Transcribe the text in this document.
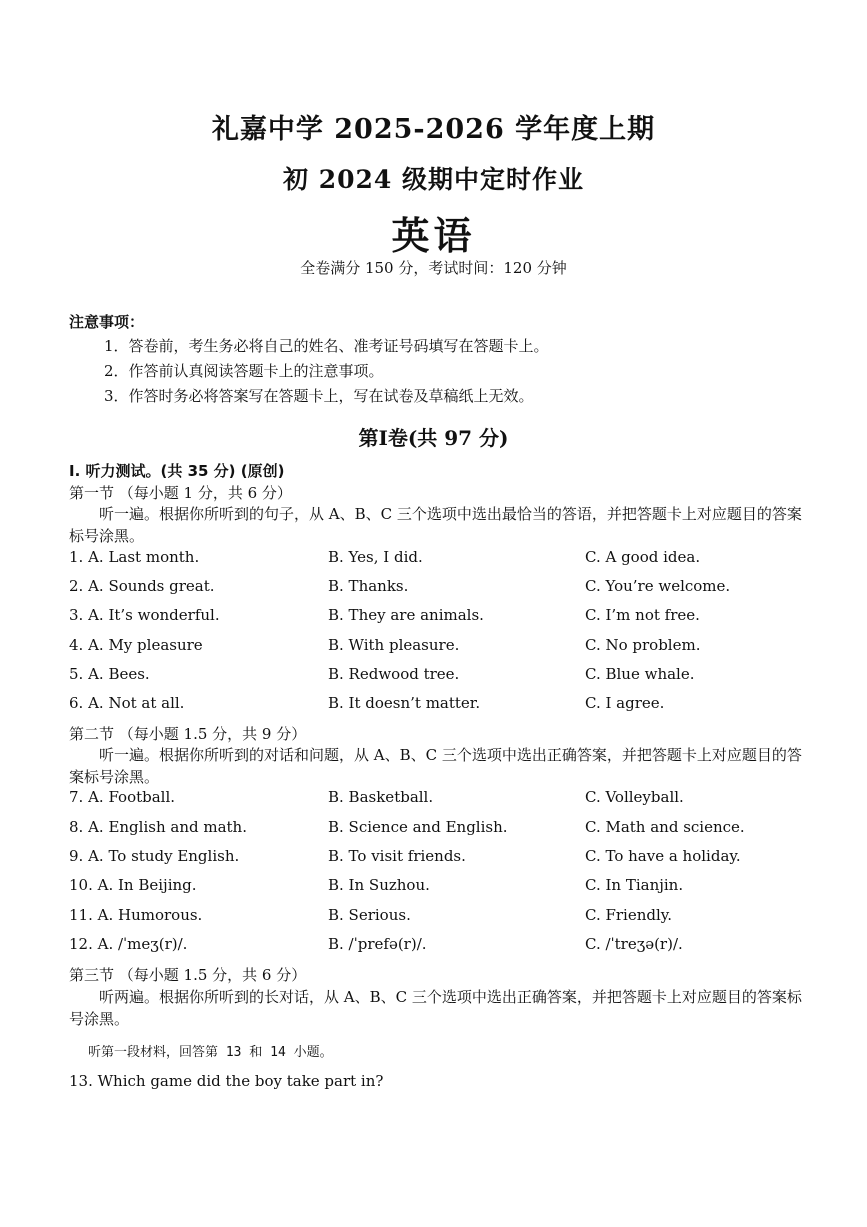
礼嘉中学 2025-2026 学年度上期
初 2024 级期中定时作业
英语
全卷满分 150 分，考试时间：120 分钟
注意事项：
1．答卷前，考生务必将自己的姓名、准考证号码填写在答题卡上。
2．作答前认真阅读答题卡上的注意事项。
3．作答时务必将答案写在答题卡上，写在试卷及草稿纸上无效。
第Ⅰ卷(共 97 分)
I. 听力测试。(共 35 分) (原创)
第一节 （每小题 1 分，共 6 分）
听一遍。根据你所听到的句子，从 A、B、C 三个选项中选出最恰当的答语，并把答题卡上对应题目的答案标号涂黑。
1. A. Last month.	B. Yes, I did.	C. A good idea.
2. A. Sounds great.	B. Thanks.	C. You’re welcome.
3. A. It’s wonderful.	B. They are animals.	C. I’m not free.
4. A. My pleasure	B. With pleasure.	C. No problem.
5. A. Bees.	B. Redwood tree.	C. Blue whale.
6. A. Not at all.	B. It doesn’t matter.	C. I agree.
第二节 （每小题 1.5 分，共 9 分）
听一遍。根据你所听到的对话和问题，从 A、B、C 三个选项中选出正确答案，并把答题卡上对应题目的答案标号涂黑。
7. A. Football.	B. Basketball.	C. Volleyball.
8. A. English and math.	B. Science and English.	C. Math and science.
9. A. To study English.	B. To visit friends.	C. To have a holiday.
10. A. In Beijing.	B. In Suzhou.	C. In Tianjin.
11. A. Humorous.	B. Serious.	C. Friendly.
12. A. /ˈmeʒ(r)/.	B. /ˈprefə(r)/.	C. /ˈtreʒə(r)/.
第三节 （每小题 1.5 分，共 6 分）
听两遍。根据你所听到的长对话，从 A、B、C 三个选项中选出正确答案，并把答题卡上对应题目的答案标号涂黑。
听第一段材料，回答第 13 和 14 小题。
13. Which game did the boy take part in?
